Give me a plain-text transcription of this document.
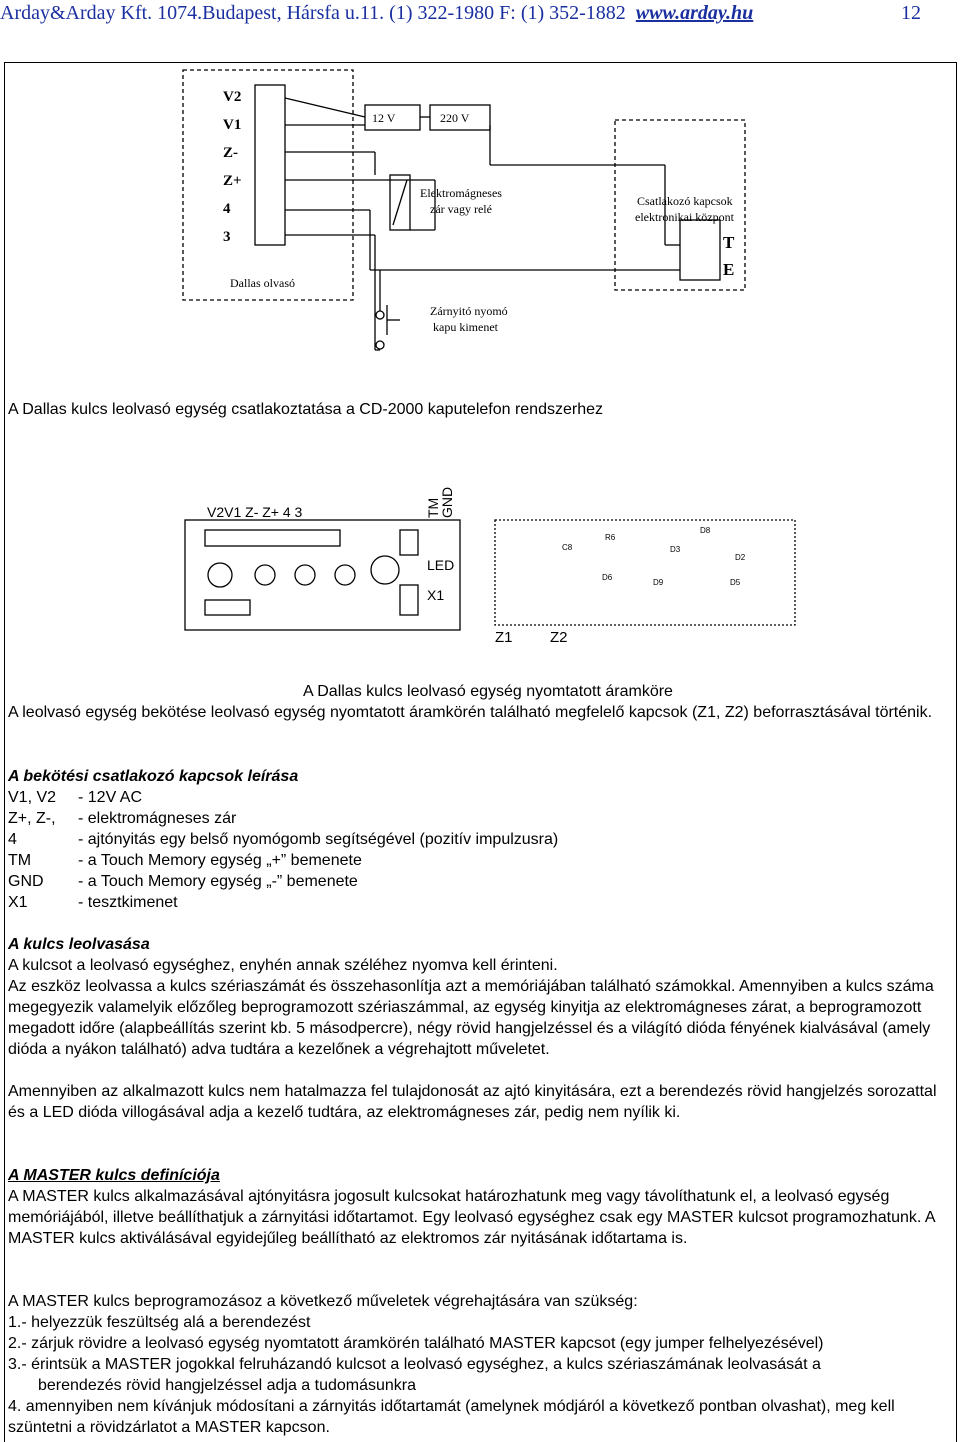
Arday&Arday Kft. 1074.Budapest, Hársfa u.11. (1) 322-1980 F: (1) 352-1882 www.arday.hu	12
V2
V1
Z-
Z+
4
3	T
E
Dallas olvasó
12 V	220 V
Elektromágneses
zár vagy relé
Csatlakozó kapcsok
elektronikai központ
Zárnyitó nyomó
kapu kimenet
A Dallas kulcs leolvasó egység csatlakoztatása a CD-2000 kaputelefon rendszerhez
V2V1 Z- Z+ 4 3
LED
X1
Z1 Z2
TM
GND
D8
D2
D5
D6
D9
R6
D3
C8
A Dallas kulcs leolvasó egység nyomtatott áramköre
A leolvasó egység bekötése leolvasó egység nyomtatott áramkörén található megfelelő kapcsok (Z1, Z2) beforrasztásával történik.
A bekötési csatlakozó kapcsok leírása
V1, V2 - 12V AC
Z+, Z-, - elektromágneses zár
4	- ajtónyitás egy belső nyomógomb segítségével (pozitív impulzusra)
TM	- a Touch Memory egység „+” bemenete
GND - a Touch Memory egység „-” bemenete
X1	- tesztkimenet
A kulcs leolvasása
A kulcsot a leolvasó egységhez, enyhén annak széléhez nyomva kell érinteni.
Az eszköz leolvassa a kulcs szériaszámát és összehasonlítja azt a memóriájában található számokkal. Amennyiben a kulcs száma megegyezik valamelyik előzőleg beprogramozott szériaszámmal, az egység kinyitja az elektromágneses zárat, a beprogramozott megadott időre (alapbeállítás szerint kb. 5 másodpercre), négy rövid hangjelzéssel és a világító dióda fényének kialvásával (amely dióda a nyákon található) adva tudtára a kezelőnek a végrehajtott műveletet.
Amennyiben az alkalmazott kulcs nem hatalmazza fel tulajdonosát az ajtó kinyitására, ezt a berendezés rövid hangjelzés sorozattal és a LED dióda villogásával adja a kezelő tudtára, az elektromágneses zár, pedig nem nyílik ki.
A MASTER kulcs definíciója
A MASTER kulcs alkalmazásával ajtónyitásra jogosult kulcsokat határozhatunk meg vagy távolíthatunk el, a leolvasó egység memóriájából, illetve beállíthatjuk a zárnyitási időtartamot. Egy leolvasó egységhez csak egy MASTER kulcsot programozhatunk. A MASTER kulcs aktiválásával egyidejűleg beállítható az elektromos zár nyitásának időtartama is.
A MASTER kulcs beprogramozásoz a következő műveletek végrehajtására van szükség:
1.- helyezzük feszültség alá a berendezést
2.- zárjuk rövidre a leolvasó egység nyomtatott áramkörén található MASTER kapcsot (egy jumper felhelyezésével)
3.- érintsük a MASTER jogokkal felruházandó kulcsot a leolvasó egységhez, a kulcs szériaszámának leolvasását a
berendezés rövid hangjelzéssel adja a tudomásunkra
4. amennyiben nem kívánjuk módosítani a zárnyitás időtartamát (amelynek módjáról a következő pontban olvashat), meg kell szüntetni a rövidzárlatot a MASTER kapcson.
